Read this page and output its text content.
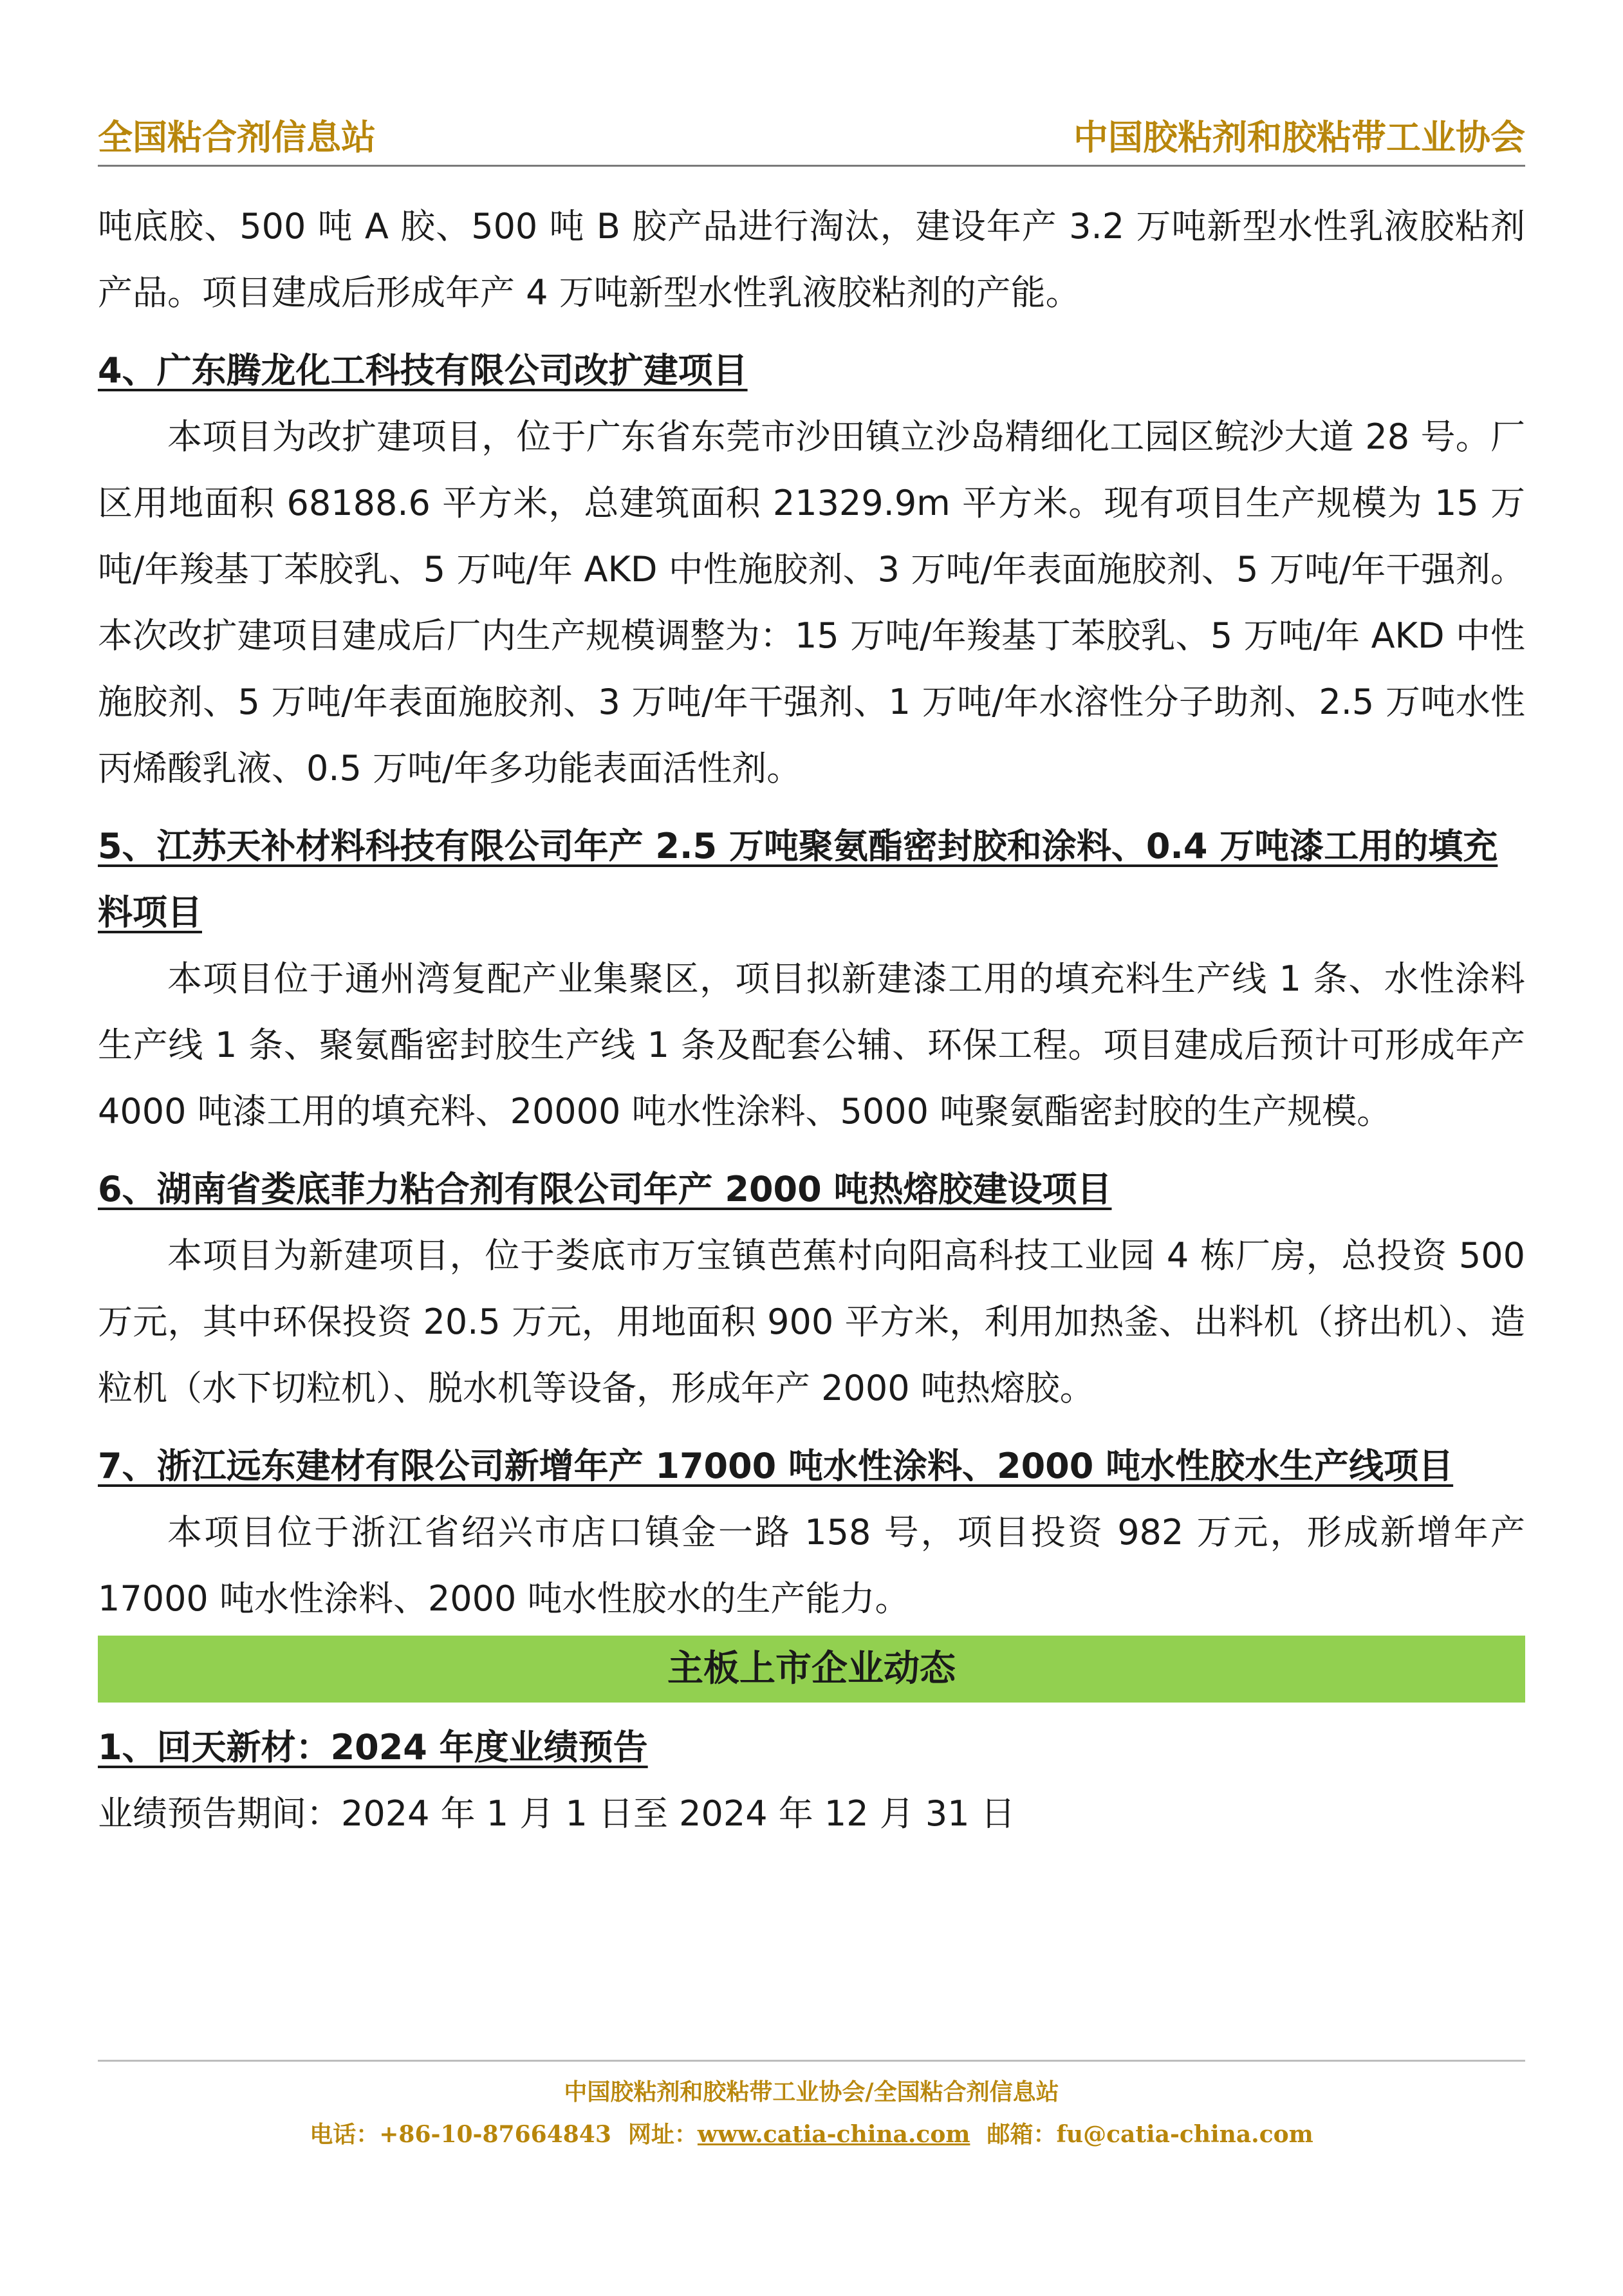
全国粘合剂信息站	中国胶粘剂和胶粘带工业协会

吨底胶、500 吨 A 胶、500 吨 B 胶产品进行淘汰，建设年产 3.2 万吨新型水性乳液胶粘剂产品。项目建成后形成年产 4 万吨新型水性乳液胶粘剂的产能。

4、广东腾龙化工科技有限公司改扩建项目

本项目为改扩建项目，位于广东省东莞市沙田镇立沙岛精细化工园区鲩沙大道 28 号。厂区用地面积 68188.6 平方米，总建筑面积 21329.9m 平方米。现有项目生产规模为 15 万吨/年羧基丁苯胶乳、5 万吨/年 AKD 中性施胶剂、3 万吨/年表面施胶剂、5 万吨/年干强剂。本次改扩建项目建成后厂内生产规模调整为：15 万吨/年羧基丁苯胶乳、5 万吨/年 AKD 中性施胶剂、5 万吨/年表面施胶剂、3 万吨/年干强剂、1 万吨/年水溶性分子助剂、2.5 万吨水性丙烯酸乳液、0.5 万吨/年多功能表面活性剂。

5、江苏天补材料科技有限公司年产 2.5 万吨聚氨酯密封胶和涂料、0.4 万吨漆工用的填充料项目

本项目位于通州湾复配产业集聚区，项目拟新建漆工用的填充料生产线 1 条、水性涂料生产线 1 条、聚氨酯密封胶生产线 1 条及配套公辅、环保工程。项目建成后预计可形成年产 4000 吨漆工用的填充料、20000 吨水性涂料、5000 吨聚氨酯密封胶的生产规模。

6、湖南省娄底菲力粘合剂有限公司年产 2000 吨热熔胶建设项目

本项目为新建项目，位于娄底市万宝镇芭蕉村向阳高科技工业园 4 栋厂房，总投资 500 万元，其中环保投资 20.5 万元，用地面积 900 平方米，利用加热釜、出料机（挤出机）、造粒机（水下切粒机）、脱水机等设备，形成年产 2000 吨热熔胶。

7、浙江远东建材有限公司新增年产 17000 吨水性涂料、2000 吨水性胶水生产线项目

本项目位于浙江省绍兴市店口镇金一路 158 号，项目投资 982 万元，形成新增年产 17000 吨水性涂料、2000 吨水性胶水的生产能力。

主板上市企业动态
1、回天新材：2024 年度业绩预告

业绩预告期间：2024 年 1 月 1 日至 2024 年 12 月 31 日

中国胶粘剂和胶粘带工业协会/全国粘合剂信息站
电话：+86-10-87664843 网址：www.catia-china.com 邮箱：fu@catia-china.com
